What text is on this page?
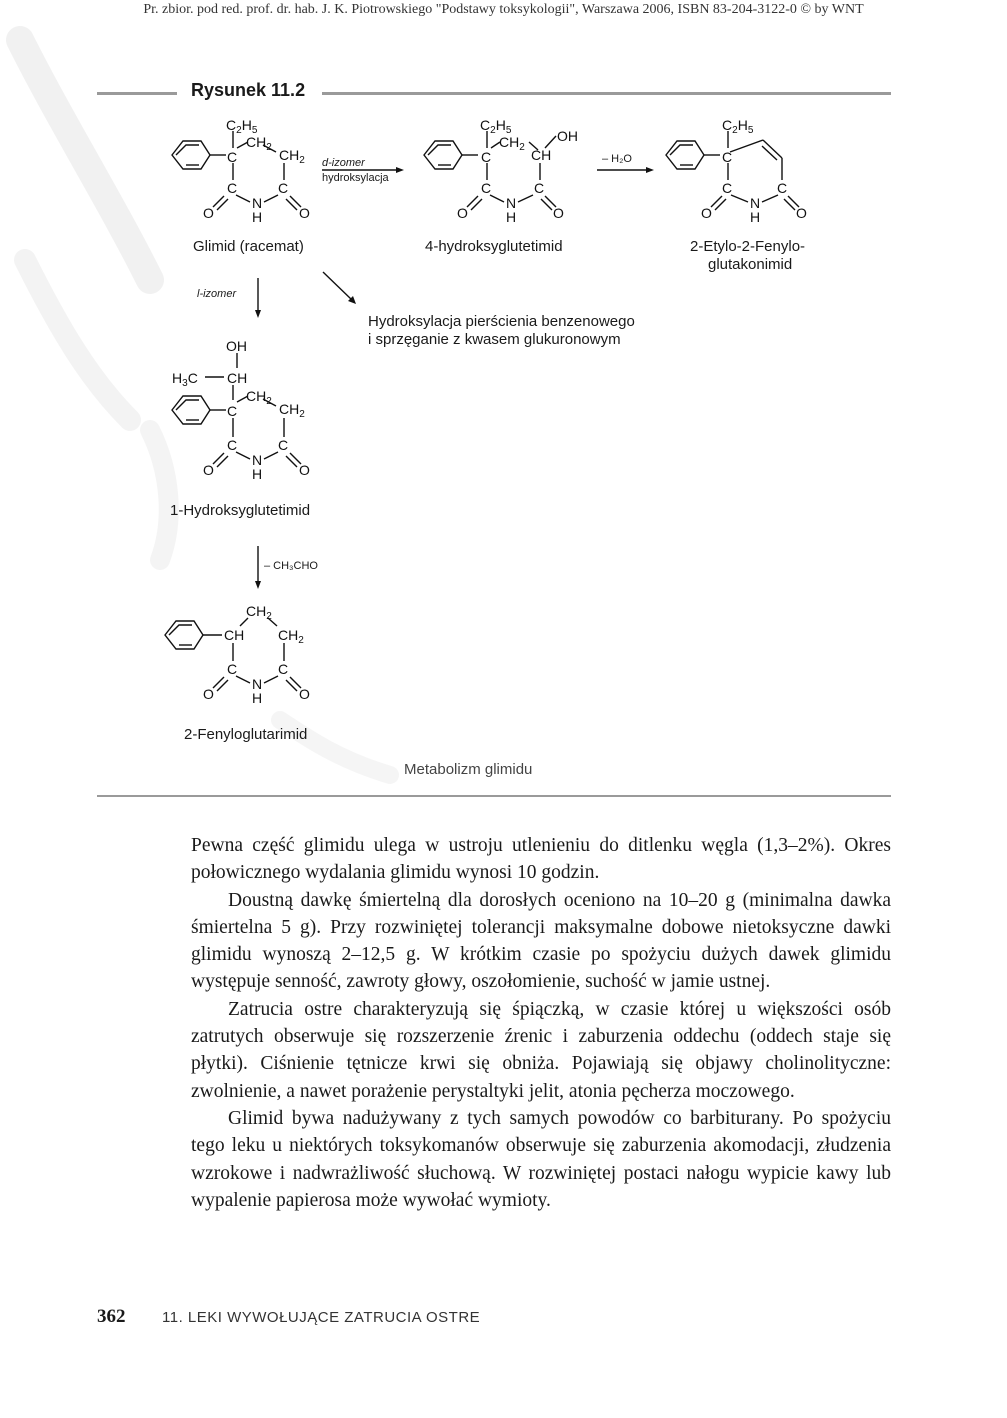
Pr. zbior. pod red. prof. dr. hab. J. K. Piotrowskiego "Podstawy toksykologii", Warszawa 2006, ISBN 83-204-3122-0 © by WNT
Rysunek 11.2
$C_2H_5$
$CH_2$ $CH_2$
C
C	C
N
H
O	O
$C_2H_5$
$CH_2$
OH
CH
C
C	C
N
H
O	O
$C_2H_5$
C
C	C
N
H
O	O
OH
$H_3C$ CH
$CH_2$ $CH_2$
C
C	C
N
H
O	O
$CH_2$
CH $CH_2$
C	C
N
H
O	O
Glimid (racemat)	4-hydroksyglutetimid	2-Etylo-2-Fenylo-
glutakonimid
1-Hydroksyglutetimid
2-Fenyloglutarimid
d-izomer
hydroksylacja
– H₂O
l-izomer
Hydroksylacja pierścienia benzenowego
i sprzęganie z kwasem glukuronowym
– CH₃CHO
Metabolizm glimidu

Pewna część glimidu ulega w ustroju utlenieniu do ditlenku węgla (1,3–2%). Okres połowicznego wydalania glimidu wynosi 10 godzin.

Doustną dawkę śmiertelną dla dorosłych oceniono na 10–20 g (minimalna dawka śmiertelna 5 g). Przy rozwiniętej tolerancji maksymalne dobowe nietoksyczne dawki glimidu wynoszą 2–12,5 g. W krótkim czasie po spożyciu dużych dawek glimidu występuje senność, zawroty głowy, oszołomienie, suchość w jamie ustnej.

Zatrucia ostre charakteryzują się śpiączką, w czasie której u większości osób zatrutych obserwuje się rozszerzenie źrenic i zaburzenia oddechu (oddech staje się płytki). Ciśnienie tętnicze krwi się obniża. Pojawiają się objawy cholinolityczne: zwolnienie, a nawet porażenie perystaltyki jelit, atonia pęcherza moczowego.

Glimid bywa nadużywany z tych samych powodów co barbiturany. Po spożyciu tego leku u niektórych toksykomanów obserwuje się zaburzenia akomodacji, złudzenia wzrokowe i nadwrażliwość słuchową. W rozwiniętej postaci nałogu wypicie kawy lub wypalenie papierosa może wywołać wymioty.

362 11. LEKI WYWOŁUJĄCE ZATRUCIA OSTRE
